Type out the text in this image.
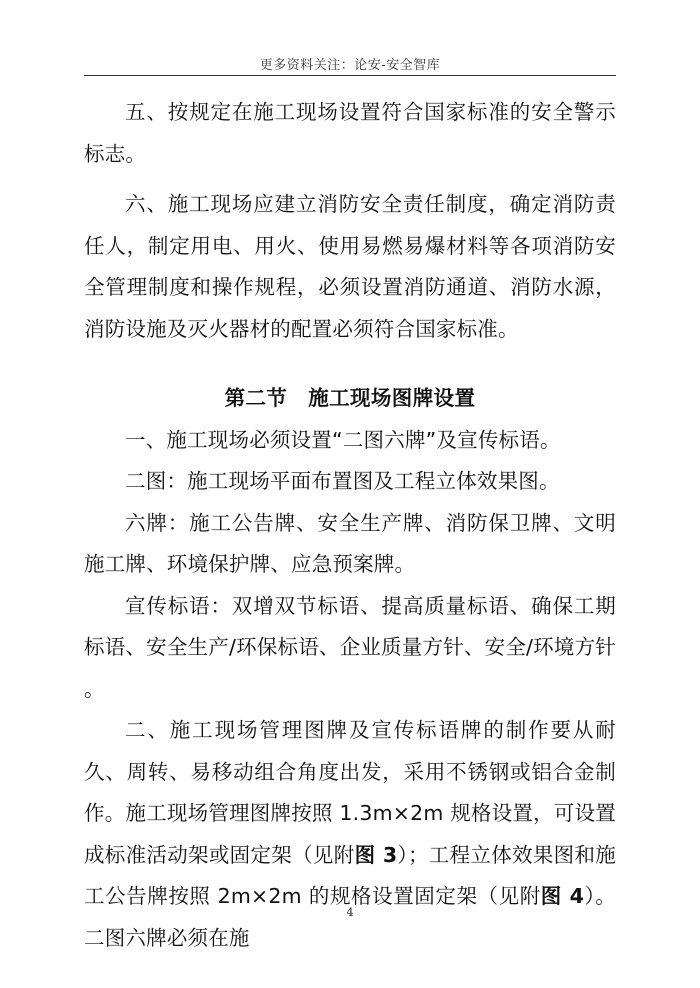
更多资料关注：论安-安全智库

五、按规定在施工现场设置符合国家标准的安全警示标志。

六、施工现场应建立消防安全责任制度，确定消防责任人，制定用电、用火、使用易燃易爆材料等各项消防安全管理制度和操作规程，必须设置消防通道、消防水源，消防设施及灭火器材的配置必须符合国家标准。

第二节　施工现场图牌设置

一、施工现场必须设置“二图六牌”及宣传标语。

二图：施工现场平面布置图及工程立体效果图。

六牌：施工公告牌、安全生产牌、消防保卫牌、文明施工牌、环境保护牌、应急预案牌。

宣传标语：双增双节标语、提高质量标语、确保工期标语、安全生产/环保标语、企业质量方针、安全/环境方针 。

二、施工现场管理图牌及宣传标语牌的制作要从耐久、周转、易移动组合角度出发，采用不锈钢或铝合金制作。施工现场管理图牌按照 1.3m×2m 规格设置，可设置成标准活动架或固定架（见附图 3）；工程立体效果图和施工公告牌按照 2m×2m 的规格设置固定架（见附图 4）。二图六牌必须在施

4
